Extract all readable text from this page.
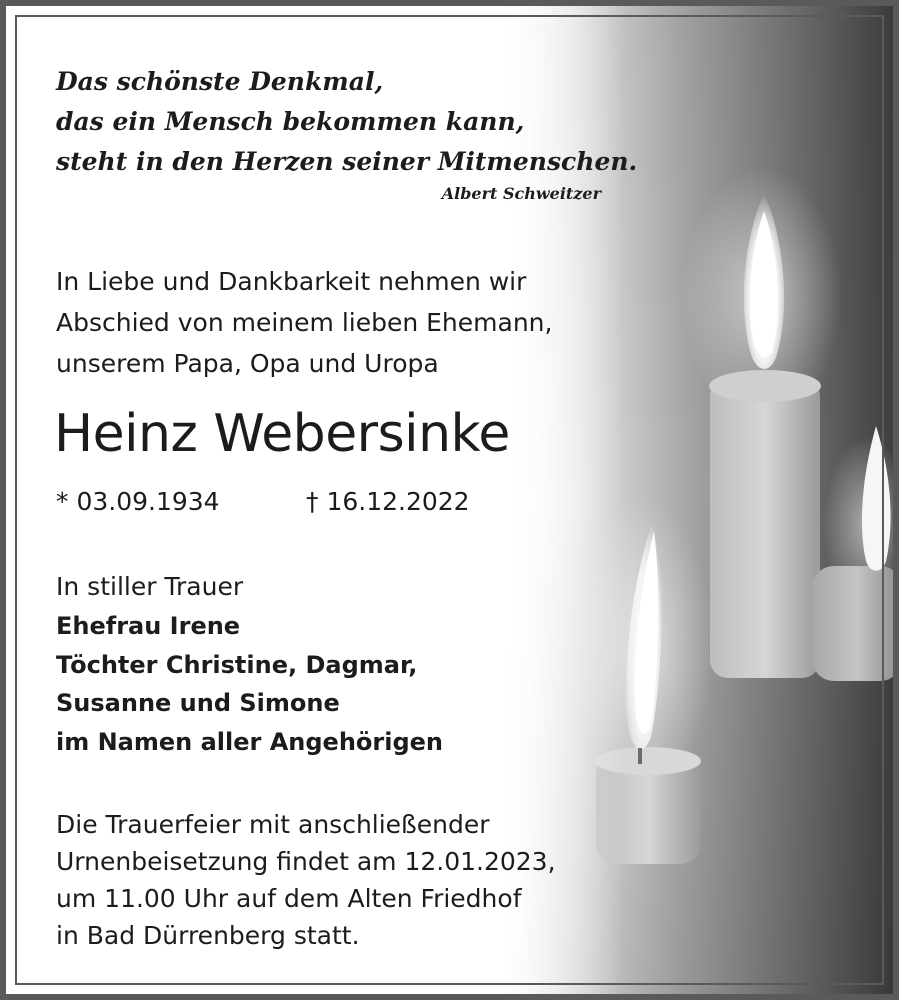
Das schönste Denkmal,
das ein Mensch bekommen kann,
steht in den Herzen seiner Mitmenschen.
Albert Schweitzer
In Liebe und Dankbarkeit nehmen wir
Abschied von meinem lieben Ehemann,
unserem Papa, Opa und Uropa
Heinz Webersinke
* 03.09.1934	† 16.12.2022
In stiller Trauer
Ehefrau Irene
Töchter Christine, Dagmar,
Susanne und Simone
im Namen aller Angehörigen
Die Trauerfeier mit anschließender
Urnenbeisetzung findet am 12.01.2023,
um 11.00 Uhr auf dem Alten Friedhof
in Bad Dürrenberg statt.
